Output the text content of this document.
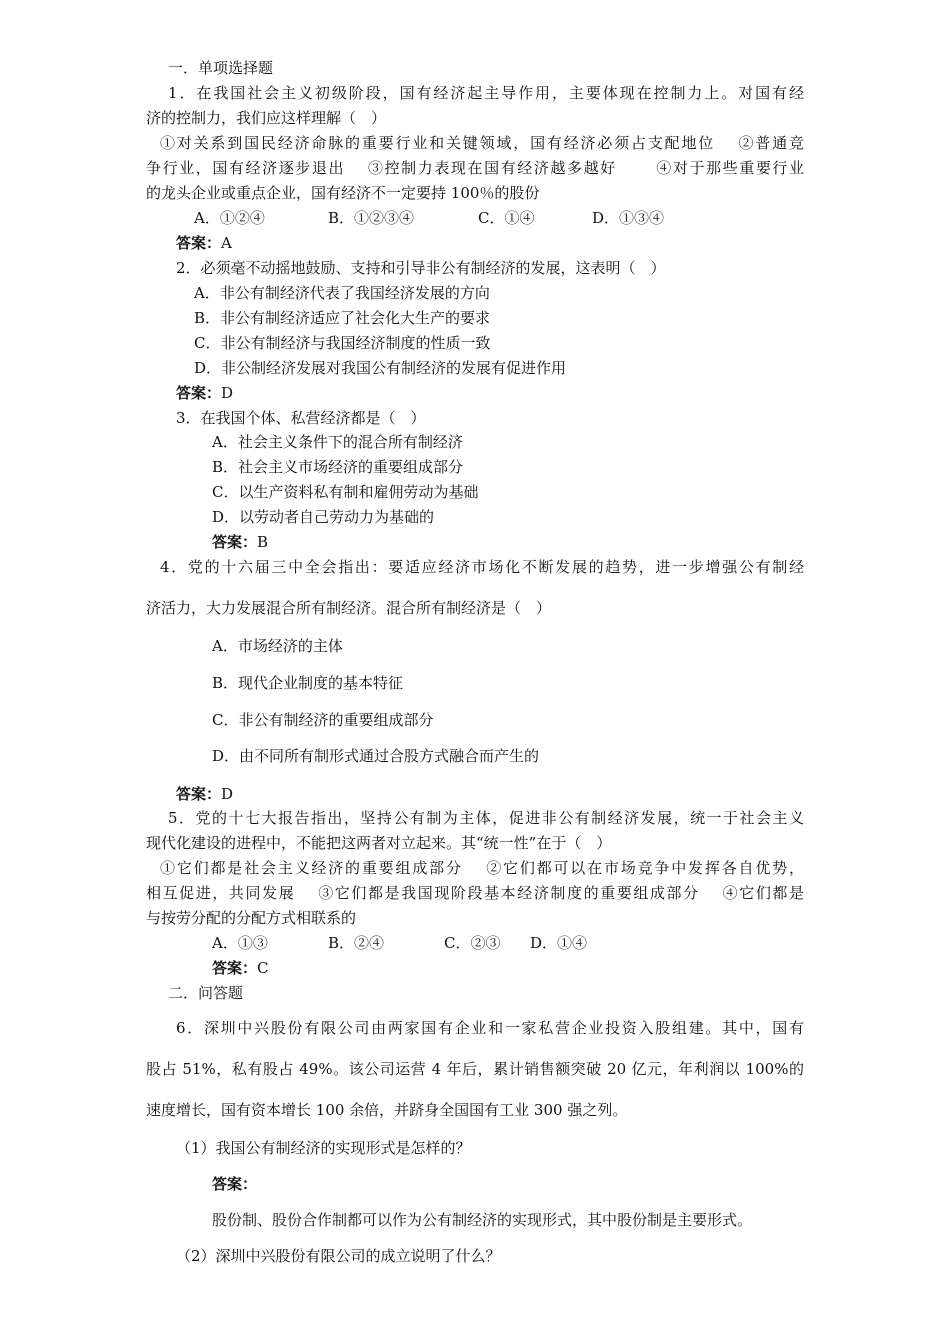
一．单项选择题
1．在我国社会主义初级阶段，国有经济起主导作用，主要体现在控制力上。对国有经
济的控制力，我们应这样理解（　）
①对关系到国民经济命脉的重要行业和关键领域，国有经济必须占支配地位　 ②普通竞
争行业，国有经济逐步退出　 ③控制力表现在国有经济越多越好　　 ④对于那些重要行业
的龙头企业或重点企业，国有经济不一定要持 100％的股份
A．①②④	B．①②③④	C．①④	D．①③④
答案：A
2．必须毫不动摇地鼓励、支持和引导非公有制经济的发展，这表明（　）
A．非公有制经济代表了我国经济发展的方向
B．非公有制经济适应了社会化大生产的要求
C．非公有制经济与我国经济制度的性质一致
D．非公制经济发展对我国公有制经济的发展有促进作用
答案：D
3．在我国个体、私营经济都是（　）
A．社会主义条件下的混合所有制经济
B．社会主义市场经济的重要组成部分
C．以生产资料私有制和雇佣劳动为基础
D．以劳动者自己劳动力为基础的
答案：B
4．党的十六届三中全会指出：要适应经济市场化不断发展的趋势，进一步增强公有制经
济活力，大力发展混合所有制经济。混合所有制经济是（　）
A．市场经济的主体
B．现代企业制度的基本特征
C．非公有制经济的重要组成部分
D．由不同所有制形式通过合股方式融合而产生的
答案：D
5．党的十七大报告指出，坚持公有制为主体，促进非公有制经济发展，统一于社会主义
现代化建设的进程中，不能把这两者对立起来。其“统一性”在于（　）
①它们都是社会主义经济的重要组成部分　 ②它们都可以在市场竞争中发挥各自优势，
相互促进，共同发展　 ③它们都是我国现阶段基本经济制度的重要组成部分　 ④它们都是
与按劳分配的分配方式相联系的
A．①③	B．②④	C．②③ D．①④
答案：C
二．问答题
6．深圳中兴股份有限公司由两家国有企业和一家私营企业投资入股组建。其中，国有
股占 51%，私有股占 49%。该公司运营 4 年后，累计销售额突破 20 亿元，年利润以 100%的
速度增长，国有资本增长 100 余倍，并跻身全国国有工业 300 强之列。
（1）我国公有制经济的实现形式是怎样的？
答案：
股份制、股份合作制都可以作为公有制经济的实现形式，其中股份制是主要形式。
（2）深圳中兴股份有限公司的成立说明了什么？
